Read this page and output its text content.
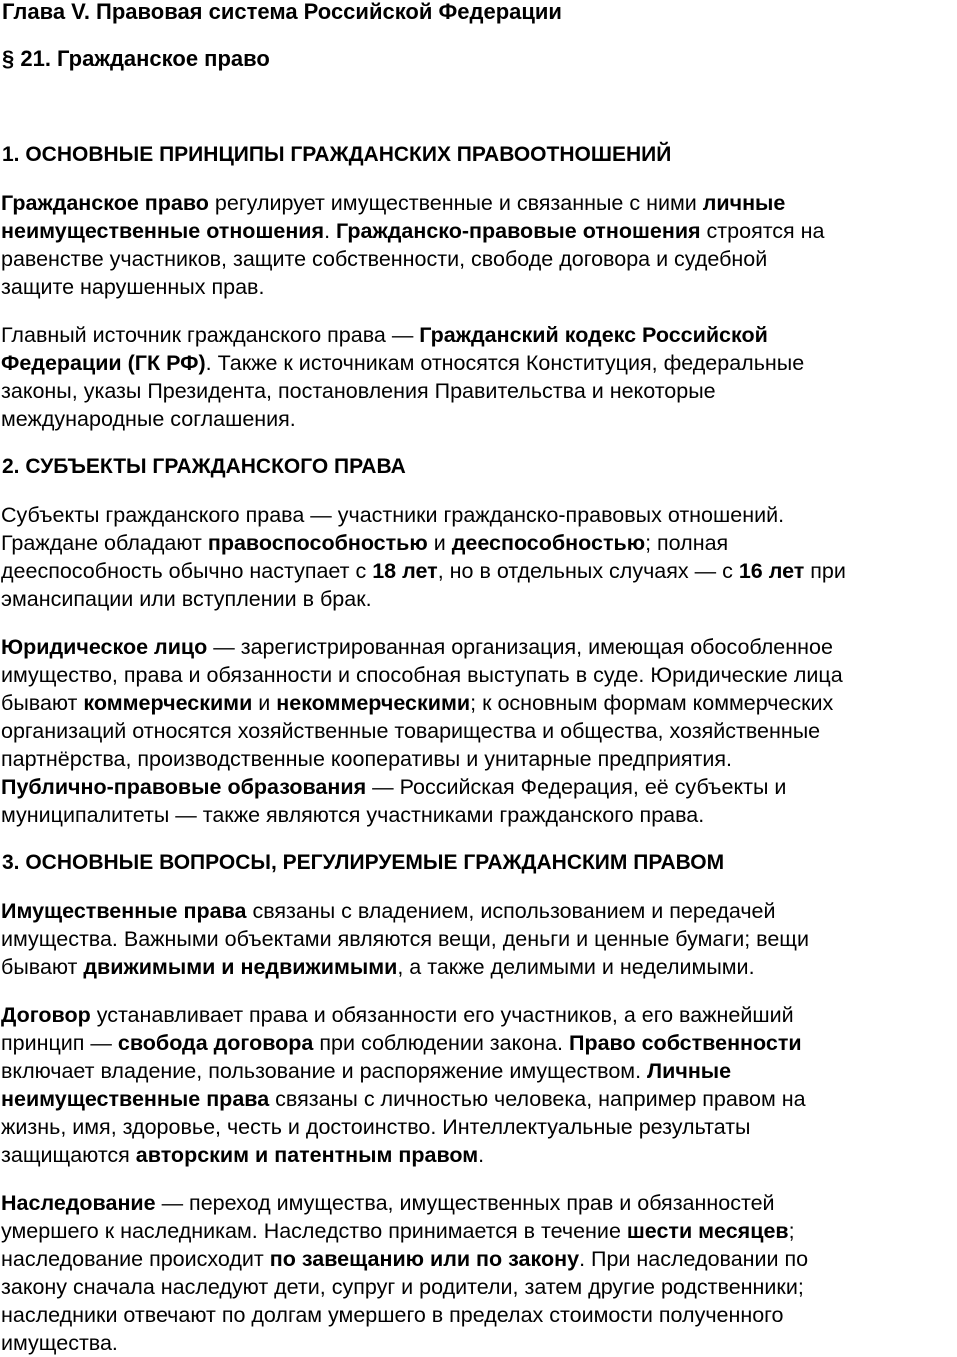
Глава V. Правовая система Российской Федерации
§ 21. Гражданское право
1. ОСНОВНЫЕ ПРИНЦИПЫ ГРАЖДАНСКИХ ПРАВООТНОШЕНИЙ

Гражданское право регулирует имущественные и связанные с ними личные
неимущественные отношения. Гражданско-правовые отношения строятся на
равенстве участников, защите собственности, свободе договора и судебной
защите нарушенных прав.

Главный источник гражданского права — Гражданский кодекс Российской
Федерации (ГК РФ). Также к источникам относятся Конституция, федеральные
законы, указы Президента, постановления Правительства и некоторые
международные соглашения.

2. СУБЪЕКТЫ ГРАЖДАНСКОГО ПРАВА

Субъекты гражданского права — участники гражданско-правовых отношений.
Граждане обладают правоспособностью и дееспособностью; полная
дееспособность обычно наступает с 18 лет, но в отдельных случаях — с 16 лет при
эмансипации или вступлении в брак.

Юридическое лицо — зарегистрированная организация, имеющая обособленное
имущество, права и обязанности и способная выступать в суде. Юридические лица
бывают коммерческими и некоммерческими; к основным формам коммерческих
организаций относятся хозяйственные товарищества и общества, хозяйственные
партнёрства, производственные кооперативы и унитарные предприятия.
Публично-правовые образования — Российская Федерация, её субъекты и
муниципалитеты — также являются участниками гражданского права.

3. ОСНОВНЫЕ ВОПРОСЫ, РЕГУЛИРУЕМЫЕ ГРАЖДАНСКИМ ПРАВОМ

Имущественные права связаны с владением, использованием и передачей
имущества. Важными объектами являются вещи, деньги и ценные бумаги; вещи
бывают движимыми и недвижимыми, а также делимыми и неделимыми.

Договор устанавливает права и обязанности его участников, а его важнейший
принцип — свобода договора при соблюдении закона. Право собственности
включает владение, пользование и распоряжение имуществом. Личные
неимущественные права связаны с личностью человека, например правом на
жизнь, имя, здоровье, честь и достоинство. Интеллектуальные результаты
защищаются авторским и патентным правом.

Наследование — переход имущества, имущественных прав и обязанностей
умершего к наследникам. Наследство принимается в течение шести месяцев;
наследование происходит по завещанию или по закону. При наследовании по
закону сначала наследуют дети, супруг и родители, затем другие родственники;
наследники отвечают по долгам умершего в пределах стоимости полученного
имущества.
